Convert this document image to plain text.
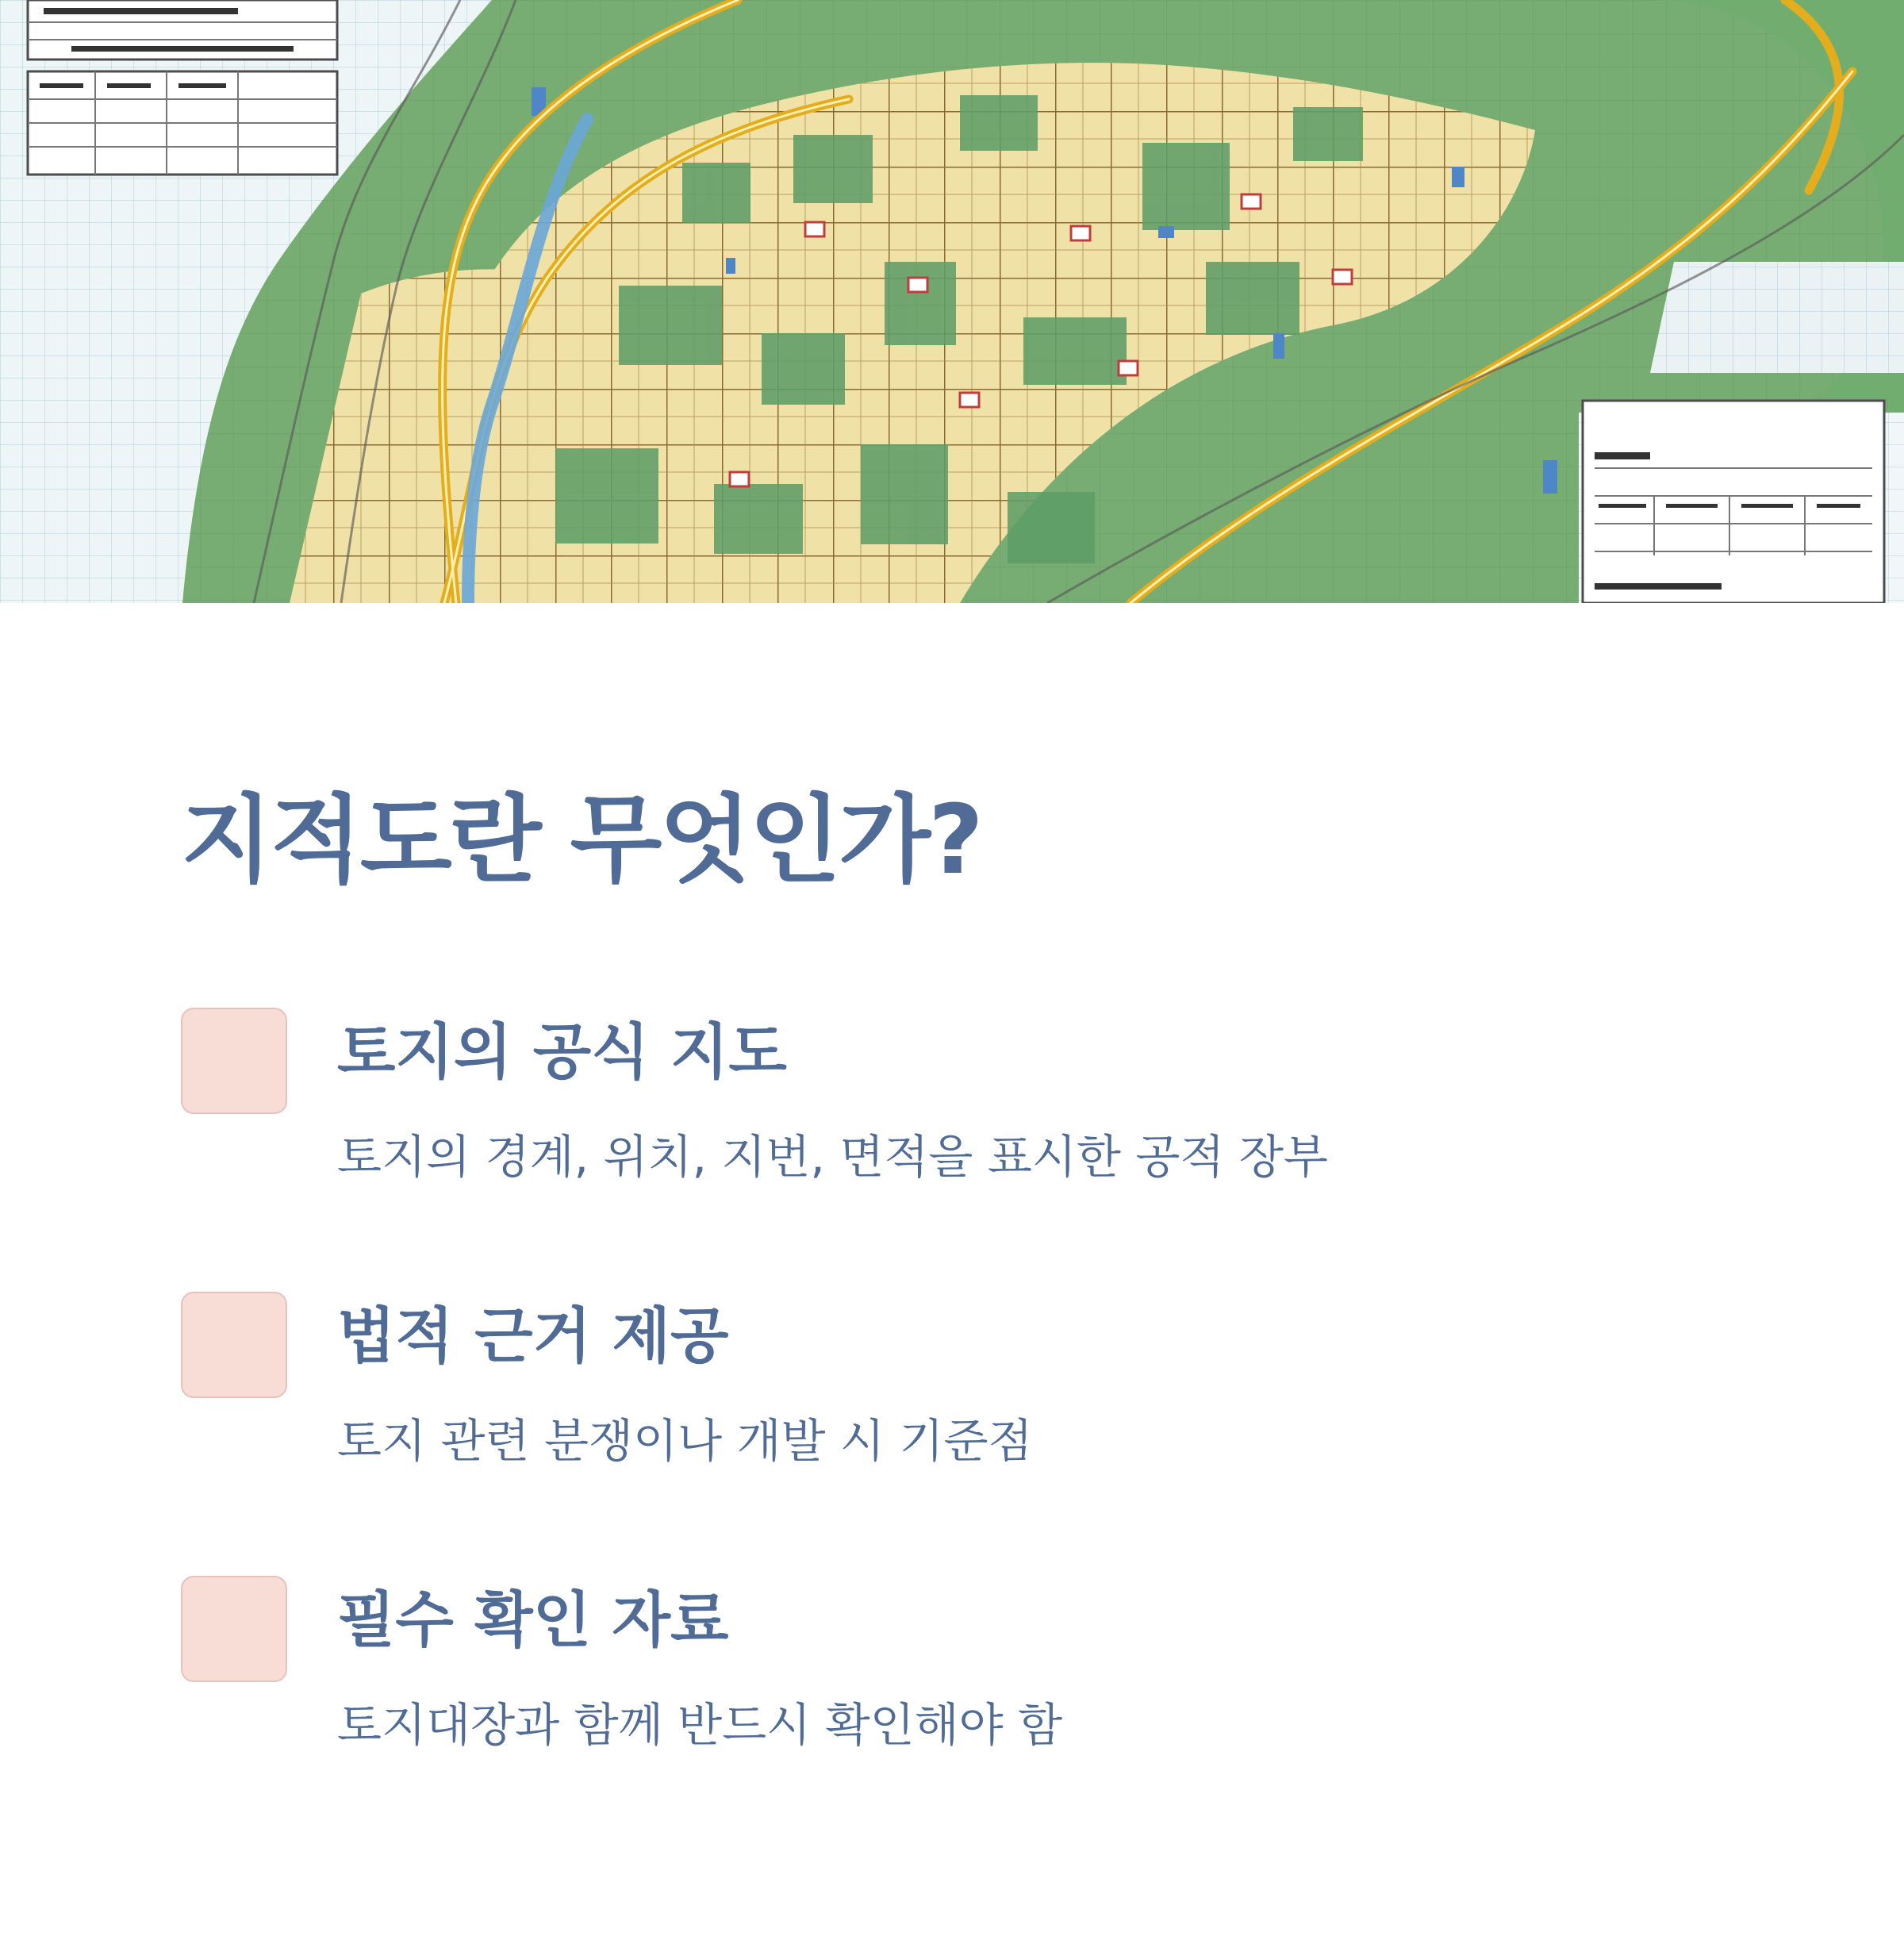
지적도란 무엇인가?
토지의 공식 지도

토지의 경계, 위치, 지번, 면적을 표시한 공적 장부

법적 근거 제공

토지 관련 분쟁이나 개발 시 기준점

필수 확인 자료

토지대장과 함께 반드시 확인해야 함
